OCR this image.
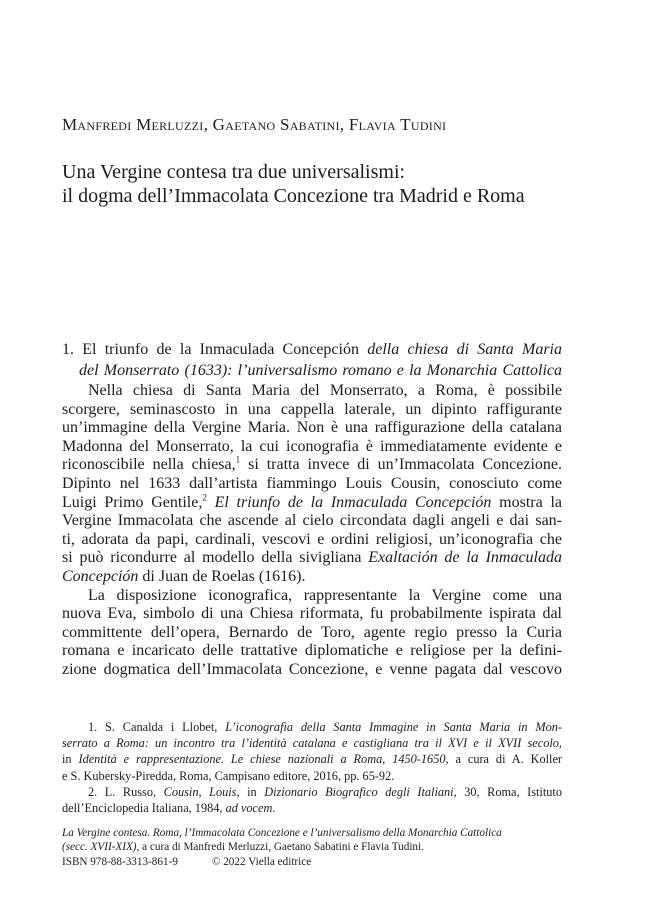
Manfredi Merluzzi, Gaetano Sabatini, Flavia Tudini
Una Vergine contesa tra due universalismi:
il dogma dell’Immacolata Concezione tra Madrid e Roma
1. El triunfo de la Inmaculada Concepción della chiesa di Santa Maria
del Monserrato (1633): l’universalismo romano e la Monarchia Cattolica
Nella chiesa di Santa Maria del Monserrato, a Roma, è possibile
scorgere, seminascosto in una cappella laterale, un dipinto raffigurante
un’immagine della Vergine Maria. Non è una raffigurazione della catalana
Madonna del Monserrato, la cui iconografia è immediatamente evidente e
riconoscibile nella chiesa,$^1$ si tratta invece di un’Immacolata Concezione.
Dipinto nel 1633 dall’artista fiammingo Louis Cousin, conosciuto come
Luigi Primo Gentile,$^2$ El triunfo de la Inmaculada Concepción mostra la
Vergine Immacolata che ascende al cielo circondata dagli angeli e dai san-
ti, adorata da papi, cardinali, vescovi e ordini religiosi, un’iconografia che
si può ricondurre al modello della sivigliana Exaltación de la Inmaculada
Concepción di Juan de Roelas (1616).
La disposizione iconografica, rappresentante la Vergine come una
nuova Eva, simbolo di una Chiesa riformata, fu probabilmente ispirata dal
committente dell’opera, Bernardo de Toro, agente regio presso la Curia
romana e incaricato delle trattative diplomatiche e religiose per la defini-
zione dogmatica dell’Immacolata Concezione, e venne pagata dal vescovo
1. S. Canalda i Llobet, L’iconografia della Santa Immagine in Santa Maria in Mon-
serrato a Roma: un incontro tra l’identità catalana e castigliana tra il XVI e il XVII secolo,
in Identità e rappresentazione. Le chiese nazionali a Roma, 1450-1650, a cura di A. Koller
e S. Kubersky-Piredda, Roma, Campisano editore, 2016, pp. 65-92.
2. L. Russo, Cousin, Louis, in Dizionario Biografico degli Italiani, 30, Roma, Istituto
dell’Enciclopedia Italiana, 1984, ad vocem.
La Vergine contesa. Roma, l’Immacolata Concezione e l’universalismo della Monarchia Cattolica
(secc. XVII-XIX), a cura di Manfredi Merluzzi, Gaetano Sabatini e Flavia Tudini.
ISBN 978-88-3313-861-9	© 2022 Viella editrice
